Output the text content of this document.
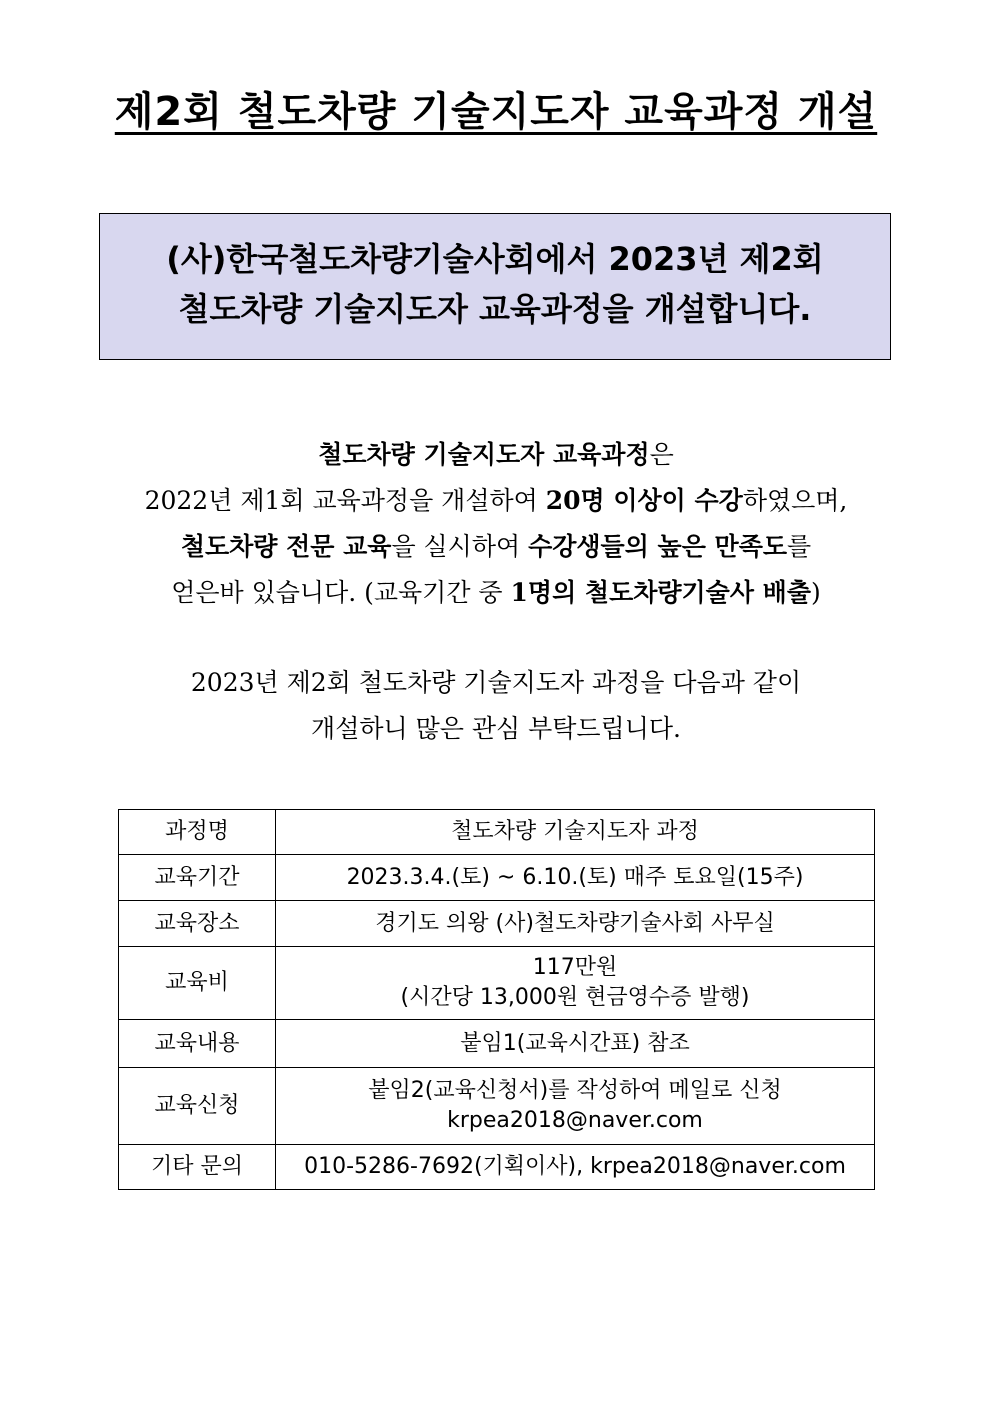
제2회 철도차량 기술지도자 교육과정 개설
(사)한국철도차량기술사회에서 2023년 제2회
철도차량 기술지도자 교육과정을 개설합니다.
철도차량 기술지도자 교육과정은
2022년 제1회 교육과정을 개설하여 20명 이상이 수강하였으며,
철도차량 전문 교육을 실시하여 수강생들의 높은 만족도를
얻은바 있습니다. (교육기간 중 1명의 철도차량기술사 배출)
2023년 제2회 철도차량 기술지도자 과정을 다음과 같이
개설하니 많은 관심 부탁드립니다.
과정명	철도차량 기술지도자 과정
교육기간	2023.3.4.(토) ~ 6.10.(토) 매주 토요일(15주)
교육장소	경기도 의왕 (사)철도차량기술사회 사무실
교육비	117만원
(시간당 13,000원 현금영수증 발행)

교육내용	붙임1(교육시간표) 참조
교육신청	붙임2(교육신청서)를 작성하여 메일로 신청
krpea2018@naver.com

기타 문의	010-5286-7692(기획이사), krpea2018@naver.com
